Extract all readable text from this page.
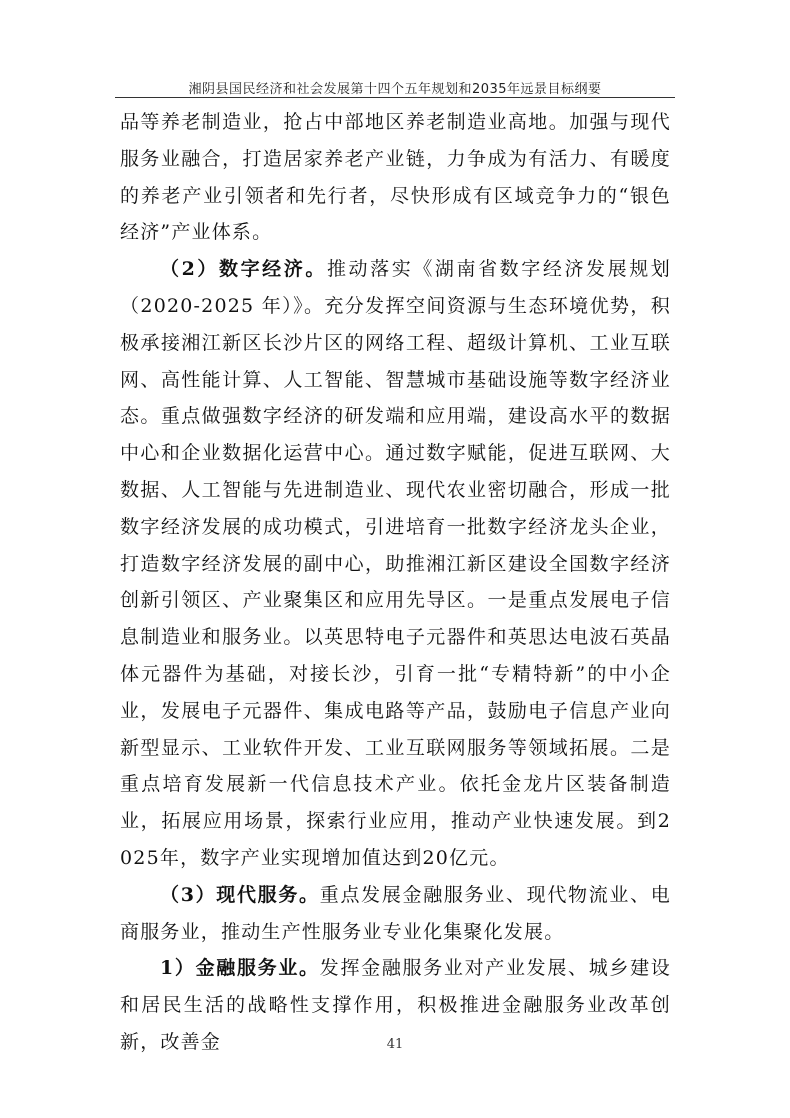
湘阴县国民经济和社会发展第十四个五年规划和2035年远景目标纲要

品等养老制造业，抢占中部地区养老制造业高地。加强与现代服务业融合，打造居家养老产业链，力争成为有活力、有暖度的养老产业引领者和先行者，尽快形成有区域竞争力的“银色经济”产业体系。

（2）数字经济。推动落实《湖南省数字经济发展规划（2020-2025 年）》。充分发挥空间资源与生态环境优势，积极承接湘江新区长沙片区的网络工程、超级计算机、工业互联网、高性能计算、人工智能、智慧城市基础设施等数字经济业态。重点做强数字经济的研发端和应用端，建设高水平的数据中心和企业数据化运营中心。通过数字赋能，促进互联网、大数据、人工智能与先进制造业、现代农业密切融合，形成一批数字经济发展的成功模式，引进培育一批数字经济龙头企业，打造数字经济发展的副中心，助推湘江新区建设全国数字经济创新引领区、产业聚集区和应用先导区。一是重点发展电子信息制造业和服务业。以英思特电子元器件和英思达电波石英晶体元器件为基础，对接长沙，引育一批“专精特新”的中小企业，发展电子元器件、集成电路等产品，鼓励电子信息产业向新型显示、工业软件开发、工业互联网服务等领域拓展。二是重点培育发展新一代信息技术产业。依托金龙片区装备制造业，拓展应用场景，探索行业应用，推动产业快速发展。到2025年，数字产业实现增加值达到20亿元。

（3）现代服务。重点发展金融服务业、现代物流业、电商服务业，推动生产性服务业专业化集聚化发展。

1）金融服务业。发挥金融服务业对产业发展、城乡建设和居民生活的战略性支撑作用，积极推进金融服务业改革创新，改善金	41
